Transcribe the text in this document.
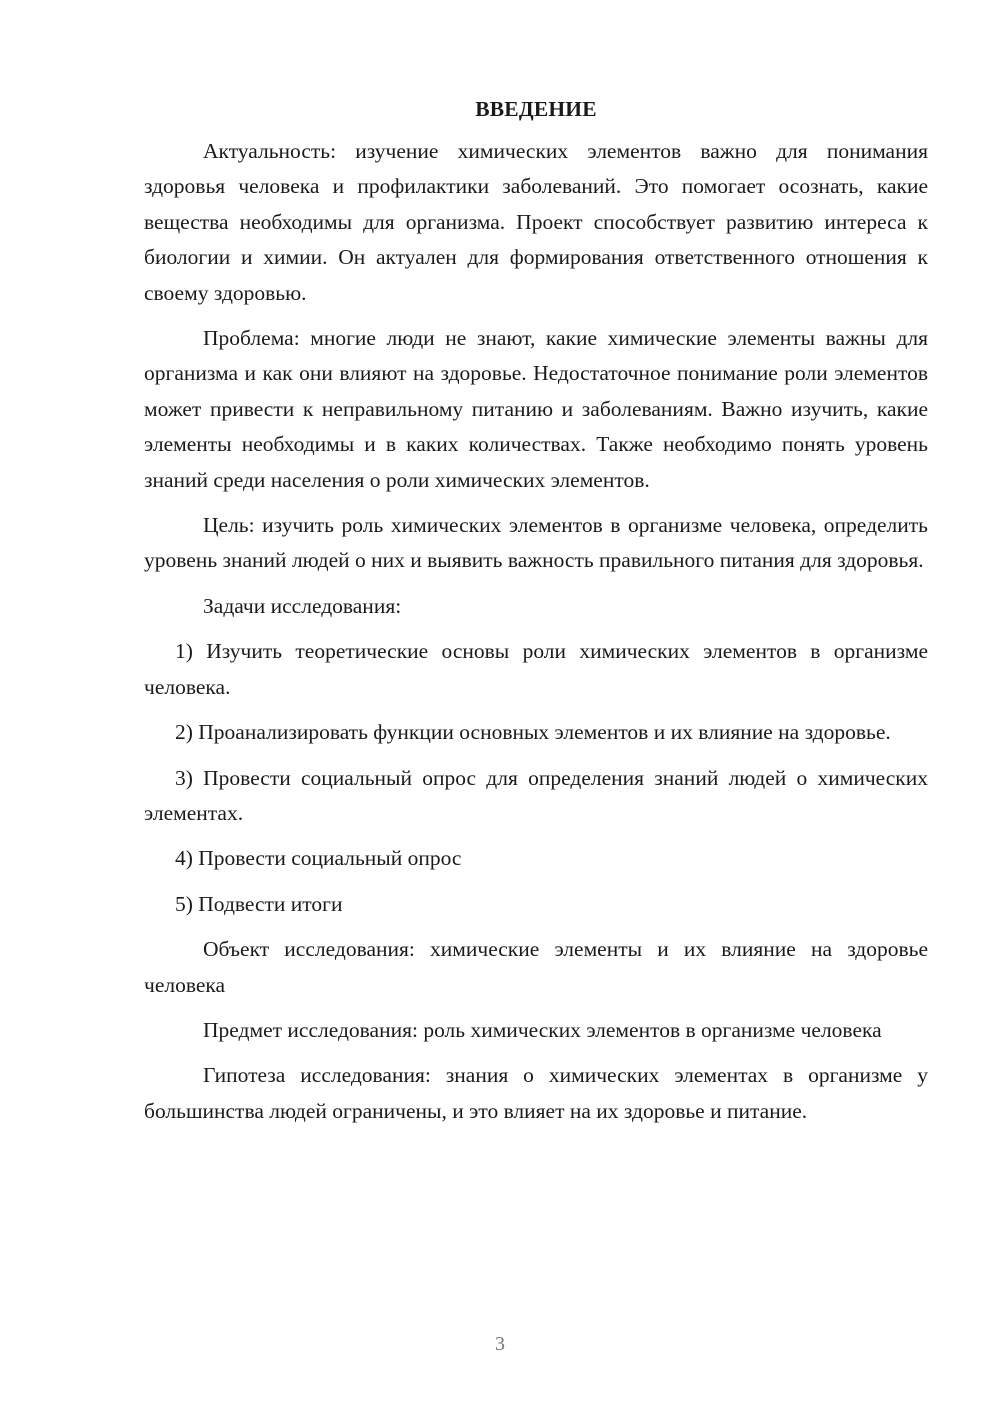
ВВЕДЕНИЕ

Актуальность: изучение химических элементов важно для понимания здоровья человека и профилактики заболеваний. Это помогает осознать, какие вещества необходимы для организма. Проект способствует развитию интереса к биологии и химии. Он актуален для формирования ответственного отношения к своему здоровью.

Проблема: многие люди не знают, какие химические элементы важны для организма и как они влияют на здоровье. Недостаточное понимание роли элементов может привести к неправильному питанию и заболеваниям. Важно изучить, какие элементы необходимы и в каких количествах. Также необходимо понять уровень знаний среди населения о роли химических элементов.

Цель: изучить роль химических элементов в организме человека, определить уровень знаний людей о них и выявить важность правильного питания для здоровья.

Задачи исследования:

1) Изучить теоретические основы роли химических элементов в организме человека.

2) Проанализировать функции основных элементов и их влияние на здоровье.

3) Провести социальный опрос для определения знаний людей о химических элементах.

4) Провести социальный опрос

5) Подвести итоги

Объект исследования: химические элементы и их влияние на здоровье человека

Предмет исследования: роль химических элементов в организме человека

Гипотеза исследования: знания о химических элементах в организме у большинства людей ограничены, и это влияет на их здоровье и питание.

3
